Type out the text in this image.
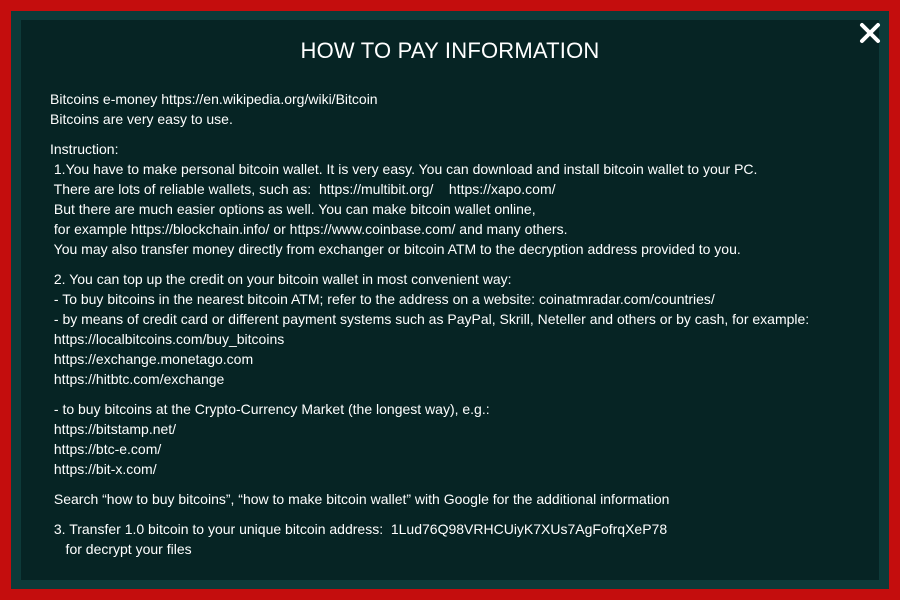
HOW TO PAY INFORMATION
Bitcoins e-money https://en.wikipedia.org/wiki/Bitcoin
Bitcoins are very easy to use.
Instruction:
1.You have to make personal bitcoin wallet. It is very easy. You can download and install bitcoin wallet to your PC.
There are lots of reliable wallets, such as:  https://multibit.org/    https://xapo.com/
But there are much easier options as well. You can make bitcoin wallet online,
for example https://blockchain.info/ or https://www.coinbase.com/ and many others.
You may also transfer money directly from exchanger or bitcoin ATM to the decryption address provided to you.
2. You can top up the credit on your bitcoin wallet in most convenient way:
- To buy bitcoins in the nearest bitcoin ATM; refer to the address on a website: coinatmradar.com/countries/
- by means of credit card or different payment systems such as PayPal, Skrill, Neteller and others or by cash, for example:
https://localbitcoins.com/buy_bitcoins
https://exchange.monetago.com
https://hitbtc.com/exchange
- to buy bitcoins at the Crypto-Currency Market (the longest way), e.g.:
https://bitstamp.net/
https://btc-e.com/
https://bit-x.com/
Search “how to buy bitcoins”, “how to make bitcoin wallet” with Google for the additional information
3. Transfer 1.0 bitcoin to your unique bitcoin address:  1Lud76Q98VRHCUiyK7XUs7AgFofrqXeP78
for decrypt your files
